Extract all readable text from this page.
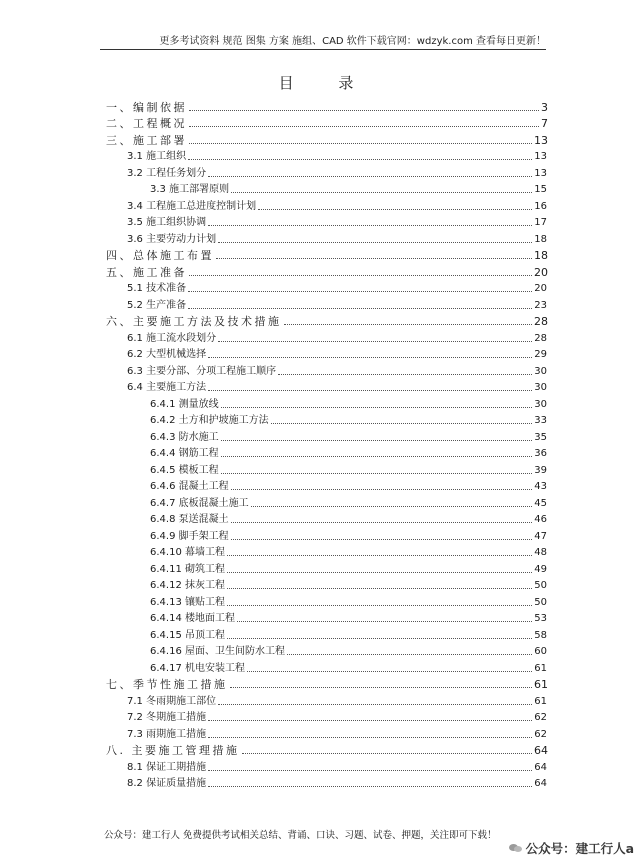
更多考试资料 规范 图集 方案 施组、CAD 软件下载官网：wdzyk.com 查看每日更新！
目 录
一、编制依据	3
二、工程概况	7
三、施工部署	13
3.1 施工组织	13
3.2 工程任务划分	13
3.3 施工部署原则	15
3.4 工程施工总进度控制计划	16
3.5 施工组织协调	17
3.6 主要劳动力计划	18
四、总体施工布置	18
五、施工准备	20
5.1 技术准备	20
5.2 生产准备	23
六、主要施工方法及技术措施	28
6.1 施工流水段划分	28
6.2 大型机械选择	29
6.3 主要分部、分项工程施工顺序	30
6.4 主要施工方法	30
6.4.1 测量放线	30
6.4.2 土方和护坡施工方法	33
6.4.3 防水施工	35
6.4.4 钢筋工程	36
6.4.5 模板工程	39
6.4.6 混凝土工程	43
6.4.7 底板混凝土施工	45
6.4.8 泵送混凝土	46
6.4.9 脚手架工程	47
6.4.10 幕墙工程	48
6.4.11 砌筑工程	49
6.4.12 抹灰工程	50
6.4.13 镶贴工程	50
6.4.14 楼地面工程	53
6.4.15 吊顶工程	58
6.4.16 屋面、卫生间防水工程	60
6.4.17 机电安装工程	61
七、季节性施工措施	61
7.1 冬雨期施工部位	61
7.2 冬期施工措施	62
7.3 雨期施工措施	62
八. 主要施工管理措施	64
8.1 保证工期措施	64
8.2 保证质量措施	64
公众号：建工行人 免费提供考试相关总结、背诵、口诀、习题、试卷、押题，关注即可下载！
公众号：建工行人a
